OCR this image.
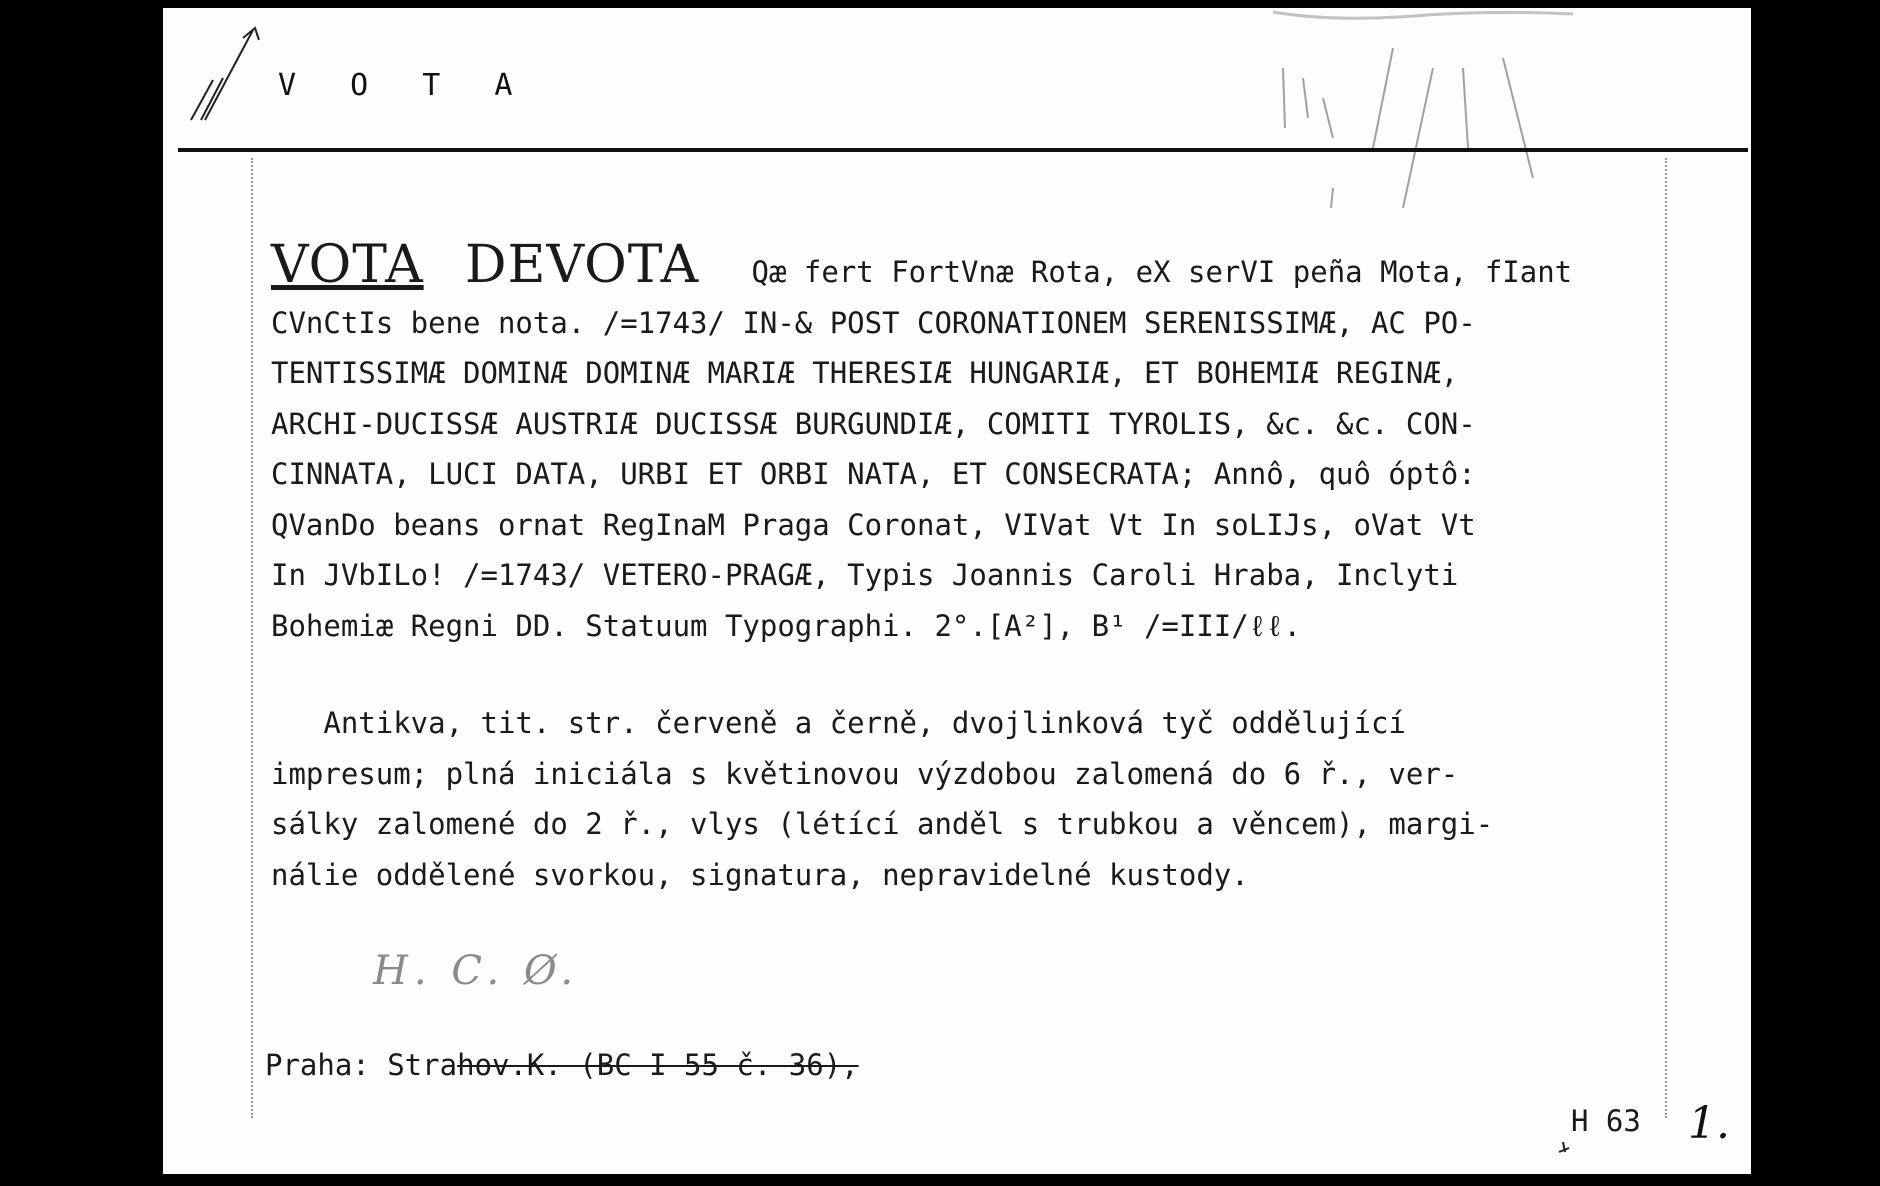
V O T A
VOTA DEVOTA Qæ fert FortVnæ Rota, eX serVI peña Mota, fIant
CVnCtIs bene nota. /=1743/ IN-& POST CORONATIONEM SERENISSIMÆ, AC PO-
TENTISSIMÆ DOMINÆ DOMINÆ MARIÆ THERESIÆ HUNGARIÆ, ET BOHEMIÆ REGINÆ,
ARCHI-DUCISSÆ AUSTRIÆ DUCISSÆ BURGUNDIÆ, COMITI TYROLIS, &c. &c. CON-
CINNATA, LUCI DATA, URBI ET ORBI NATA, ET CONSECRATA; Annô, quô óptô:
QVanDo beans ornat RegInaM Praga Coronat, VIVat Vt In soLIJs, oVat Vt
In JVbILo! /=1743/ VETERO-PRAGÆ, Typis Joannis Caroli Hraba, Inclyti
Bohemiæ Regni DD. Statuum Typographi. 2°.[A²], B¹ /=III/ℓℓ.
Antikva, tit. str. červeně a černě, dvojlinková tyč oddělující
impresum; plná iniciála s květinovou výzdobou zalomená do 6 ř., ver-
sálky zalomené do 2 ř., vlys (létící anděl s trubkou a věncem), margi-
nálie oddělené svorkou, signatura, nepravidelné kustody.
H. C. Ø.
Praha: Strahov.K. (BC I 55 č. 36),
H 63 1.
